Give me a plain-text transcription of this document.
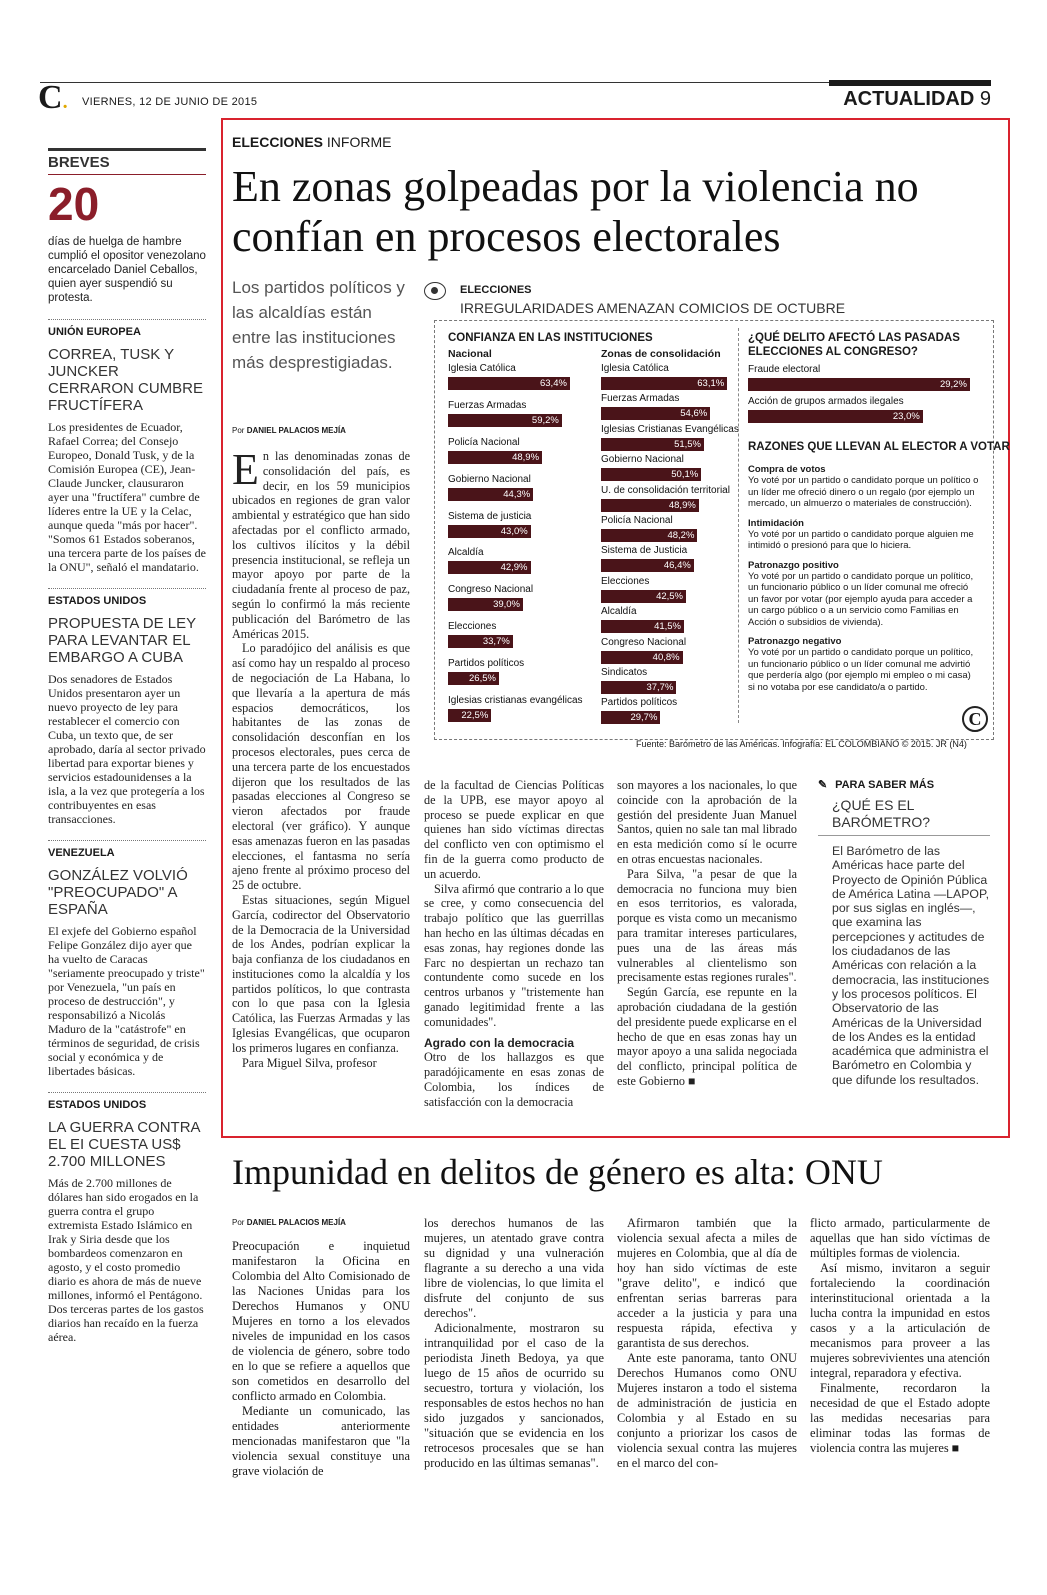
C. VIERNES, 12 DE JUNIO DE 2015	ACTUALIDAD 9
BREVES
20
días de huelga de hambre cumplió el opositor venezolano encarcelado Daniel Ceballos, quien ayer suspendió su protesta.
UNIÓN EUROPEA
CORREA, TUSK Y JUNCKER CERRARON CUMBRE FRUCTÍFERA
Los presidentes de Ecuador, Rafael Correa; del Consejo Europeo, Donald Tusk, y de la Comisión Europea (CE), Jean-Claude Juncker, clausuraron ayer una "fructífera" cumbre de líderes entre la UE y la Celac, aunque queda "más por hacer". "Somos 61 Estados soberanos, una tercera parte de los países de la ONU", señaló el mandatario.
ESTADOS UNIDOS
PROPUESTA DE LEY PARA LEVANTAR EL EMBARGO A CUBA
Dos senadores de Estados Unidos presentaron ayer un nuevo proyecto de ley para restablecer el comercio con Cuba, un texto que, de ser aprobado, daría al sector privado libertad para exportar bienes y servicios estadounidenses a la isla, a la vez que protegería a los contribuyentes en esas transacciones.
VENEZUELA
GONZÁLEZ VOLVIÓ "PREOCUPADO" A ESPAÑA
El exjefe del Gobierno español Felipe González dijo ayer que ha vuelto de Caracas "seriamente preocupado y triste" por Venezuela, "un país en proceso de destrucción", y responsabilizó a Nicolás Maduro de la "catástrofe" en términos de seguridad, de crisis social y económica y de libertades básicas.
ESTADOS UNIDOS
LA GUERRA CONTRA EL EI CUESTA US$ 2.700 MILLONES
Más de 2.700 millones de dólares han sido erogados en la guerra contra el grupo extremista Estado Islámico en Irak y Siria desde que los bombardeos comenzaron en agosto, y el costo promedio diario es ahora de más de nueve millones, informó el Pentágono. Dos terceras partes de los gastos diarios han recaído en la fuerza aérea.
ELECCIONES INFORME
En zonas golpeadas por la violencia no confían en procesos electorales
Los partidos políticos y las alcaldías están entre las instituciones más desprestigiadas.
Por DANIEL PALACIOS MEJÍA
E n las denominadas zonas de consolidación del país, es decir, en los 59 municipios ubicados en regiones de gran valor ambiental y estratégico que han sido afectadas por el conflicto armado, los cultivos ilícitos y la débil presencia institucional, se refleja un mayor apoyo por parte de la ciudadanía frente al proceso de paz, según lo confirmó la más reciente publicación del Barómetro de las Américas 2015.

Lo paradójico del análisis es que así como hay un respaldo al proceso de negociación de La Habana, lo que llevaría a la apertura de más espacios democráticos, los habitantes de las zonas de consolidación desconfían en los procesos electorales, pues cerca de una tercera parte de los encuestados dijeron que los resultados de las pasadas elecciones al Congreso se vieron afectados por fraude electoral (ver gráfico). Y aunque esas amenazas fueron en las pasadas elecciones, el fantasma no sería ajeno frente al próximo proceso del 25 de octubre.

Estas situaciones, según Miguel García, codirector del Observatorio de la Democracia de la Universidad de los Andes, podrían explicar la baja confianza de los ciudadanos en instituciones como la alcaldía y los partidos políticos, lo que contrasta con lo que pasa con la Iglesia Católica, las Fuerzas Armadas y las Iglesias Evangélicas, que ocuparon los primeros lugares en confianza.

Para Miguel Silva, profesor

de la facultad de Ciencias Políticas de la UPB, ese mayor apoyo al proceso se puede explicar en que quienes han sido víctimas directas del conflicto ven con optimismo el fin de la guerra como producto de un acuerdo.

Silva afirmó que contrario a lo que se cree, y como consecuencia del trabajo político que las guerrillas han hecho en las últimas décadas en esas zonas, hay regiones donde las Farc no despiertan un rechazo tan contundente como sucede en los centros urbanos y "tristemente han ganado legitimidad frente a las comunidades".

Agrado con la democracia

Otro de los hallazgos es que paradójicamente en esas zonas de Colombia, los índices de satisfacción con la democracia

son mayores a los nacionales, lo que coincide con la aprobación de la gestión del presidente Juan Manuel Santos, quien no sale tan mal librado en esta medición como sí le ocurre en otras encuestas nacionales.

Para Silva, "a pesar de que la democracia no funciona muy bien en esos territorios, es valorada, porque es vista como un mecanismo para tramitar intereses particulares, pues una de las áreas más vulnerables al clientelismo son precisamente estas regiones rurales".

Según García, ese repunte en la aprobación ciudadana de la gestión del presidente puede explicarse en el hecho de que en esas zonas hay un mayor apoyo a una salida negociada del conflicto, principal política de este Gobierno ■

ELECCIONES
IRREGULARIDADES AMENAZAN COMICIOS DE OCTUBRE
CONFIANZA EN LAS INSTITUCIONES
Nacional	Zonas de consolidación
Iglesia Católica
63,4%
Fuerzas Armadas
59,2%
Policía Nacional
48,9%
Gobierno Nacional
44,3%
Sistema de justicia
43,0%
Alcaldía
42,9%
Congreso Nacional
39,0%
Elecciones
33,7%
Partidos políticos
26,5%
Iglesias cristianas evangélicas
22,5%
Iglesia Católica
63,1%
Fuerzas Armadas
54,6%
Iglesias Cristianas Evangélicas
51,5%
Gobierno Nacional
50,1%
U. de consolidación territorial
48,9%
Policía Nacional
48,2%
Sistema de Justicia
46,4%
Elecciones
42,5%
Alcaldía
41,5%
Congreso Nacional
40,8%
Sindicatos
37,7%
Partidos políticos
29,7%
¿QUÉ DELITO AFECTÓ LAS PASADAS ELECCIONES AL CONGRESO?
Fraude electoral
29,2%
Acción de grupos armados ilegales
23,0%
RAZONES QUE LLEVAN AL ELECTOR A VOTAR
Compra de votos
Yo voté por un partido o candidato porque un político o un líder me ofreció dinero o un regalo (por ejemplo un mercado, un almuerzo o materiales de construcción).
Intimidación
Yo voté por un partido o candidato porque alguien me intimidó o presionó para que lo hiciera.
Patronazgo positivo
Yo voté por un partido o candidato porque un político, un funcionario público o un líder comunal me ofreció un favor por votar (por ejemplo ayuda para acceder a un cargo público o a un servicio como Familias en Acción o subsidios de vivienda).
Patronazgo negativo
Yo voté por un partido o candidato porque un político, un funcionario público o un líder comunal me advirtió que perdería algo (por ejemplo mi empleo o mi casa) si no votaba por ese candidato/a o partido.
C
Fuente: Barómetro de las Américas. Infografía: EL COLOMBIANO © 2015. JR (N4)
✎ PARA SABER MÁS
¿QUÉ ES EL BARÓMETRO?
El Barómetro de las Américas hace parte del Proyecto de Opinión Pública de América Latina —LAPOP, por sus siglas en inglés—, que examina las percepciones y actitudes de los ciudadanos de las Américas con relación a la democracia, las instituciones y los procesos políticos. El Observatorio de las Américas de la Universidad de los Andes es la entidad académica que administra el Barómetro en Colombia y que difunde los resultados.
Impunidad en delitos de género es alta: ONU
Por DANIEL PALACIOS MEJÍA

Preocupación e inquietud manifestaron la Oficina en Colombia del Alto Comisionado de las Naciones Unidas para los Derechos Humanos y ONU Mujeres en torno a los elevados niveles de impunidad en los casos de violencia de género, sobre todo en lo que se refiere a aquellos que son cometidos en desarrollo del conflicto armado en Colombia.

Mediante un comunicado, las entidades anteriormente mencionadas manifestaron que "la violencia sexual constituye una grave violación de

los derechos humanos de las mujeres, un atentado grave contra su dignidad y una vulneración flagrante a su derecho a una vida libre de violencias, lo que limita el disfrute del conjunto de sus derechos".

Adicionalmente, mostraron su intranquilidad por el caso de la periodista Jineth Bedoya, ya que luego de 15 años de ocurrido su secuestro, tortura y violación, los responsables de estos hechos no han sido juzgados y sancionados, "situación que se evidencia en los retrocesos procesales que se han producido en las últimas semanas".

Afirmaron también que la violencia sexual afecta a miles de mujeres en Colombia, que al día de hoy han sido víctimas de este "grave delito", e indicó que enfrentan serias barreras para acceder a la justicia y para una respuesta rápida, efectiva y garantista de sus derechos.

Ante este panorama, tanto ONU Derechos Humanos como ONU Mujeres instaron a todo el sistema de administración de justicia en Colombia y al Estado en su conjunto a priorizar los casos de violencia sexual contra las mujeres en el marco del con-

flicto armado, particularmente de aquellas que han sido víctimas de múltiples formas de violencia.

Así mismo, invitaron a seguir fortaleciendo la coordinación interinstitucional orientada a la lucha contra la impunidad en estos casos y a la articulación de mecanismos para proveer a las mujeres sobrevivientes una atención integral, reparadora y efectiva.

Finalmente, recordaron la necesidad de que el Estado adopte las medidas necesarias para eliminar todas las formas de violencia contra las mujeres ■
